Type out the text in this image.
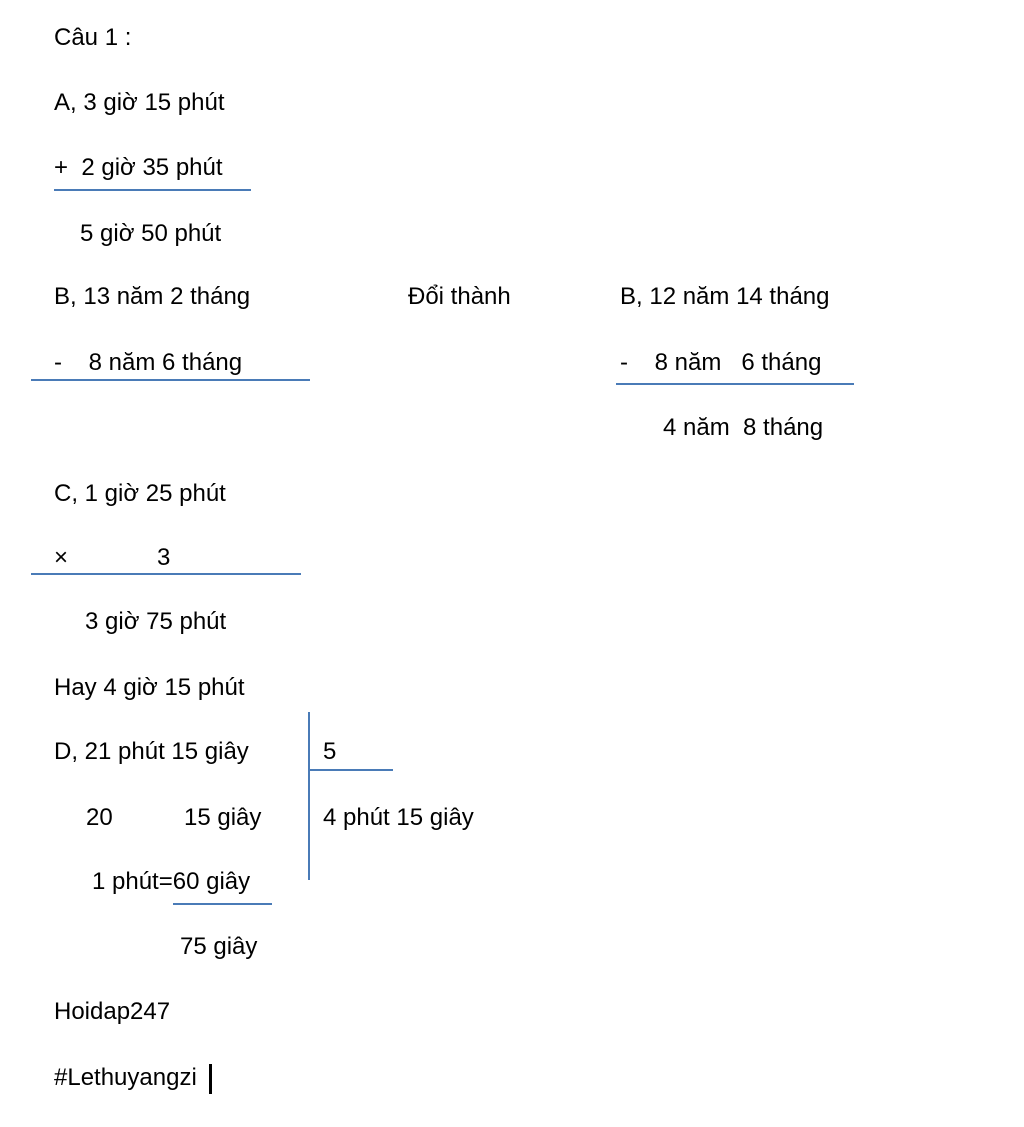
Câu 1 :
A, 3 giờ 15 phút
+  2 giờ 35 phút
5 giờ 50 phút
B, 13 năm 2 tháng	Đổi thành	B, 12 năm 14 tháng
-    8 năm 6 tháng	-    8 năm   6 tháng
4 năm  8 tháng
C, 1 giờ 25 phút
×	3
3 giờ 75 phút
Hay 4 giờ 15 phút
D, 21 phút 15 giây	5
20	15 giây	4 phút 15 giây
1 phút=60 giây
75 giây
Hoidap247
#Lethuyangzi
